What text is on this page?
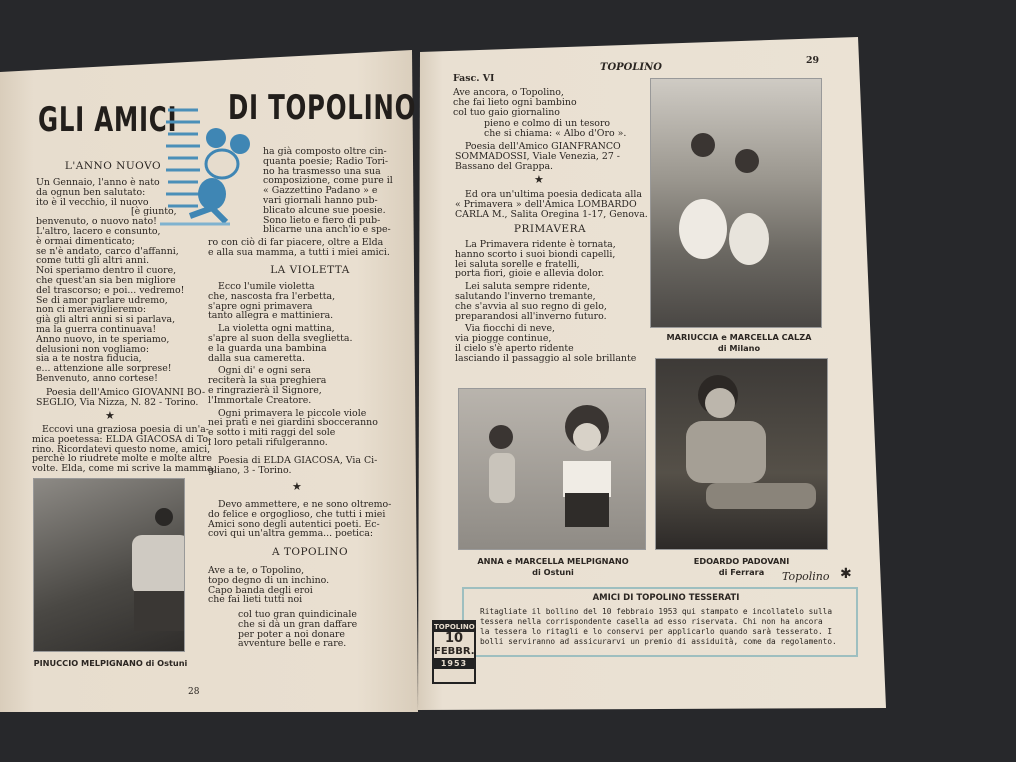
GLI AMICI DI TOPOLINO
L'ANNO NUOVO
Un Gennaio, l'anno è nato
da ognun ben salutato:
ito è il vecchio, il nuovo
[è giunto,
benvenuto, o nuovo nato!
L'altro, lacero e consunto,
è ormai dimenticato;
se n'è andato, carco d'affanni,
come tutti gli altri anni.
Noi speriamo dentro il cuore,
che quest'an sia ben migliore
del trascorso; e poi... vedremo!
Se di amor parlare udremo,
non ci meraviglieremo:
già gli altri anni si si parlava,
ma la guerra continuava!
Anno nuovo, in te speriamo,
delusioni non vogliamo:
sia a te nostra fiducia,
e... attenzione alle sorprese!
Benvenuto, anno cortese!
Poesia dell'Amico GIOVANNI BO-
SEGLIO, Via Nizza, N. 82 - Torino.
★
Eccovi una graziosa poesia di un'a-
mica poetessa: ELDA GIACOSA di To-
rino. Ricordatevi questo nome, amici,
perchè lo riudrete molte e molte altre
volte. Elda, come mi scrive la mamma,
PINUCCIO MELPIGNANO di Ostuni
28
ha già composto oltre cin-
quanta poesie; Radio Tori-
no ha trasmesso una sua
composizione, come pure il
« Gazzettino Padano » e
vari giornali hanno pub-
blicato alcune sue poesie.
Sono lieto e fiero di pub-
blicarne una anch'io e spe-
ro con ciò di far piacere, oltre a Elda
e alla sua mamma, a tutti i miei amici.
LA VIOLETTA
Ecco l'umile violetta
che, nascosta fra l'erbetta,
s'apre ogni primavera
tanto allegra e mattiniera.
La violetta ogni mattina,
s'apre al suon della sveglietta.
e la guarda una bambina
dalla sua cameretta.
Ogni di' e ogni sera
reciterà la sua preghiera
e ringrazierà il Signore,
l'Immortale Creatore.
Ogni primavera le piccole viole
nei prati e nei giardini sbocceranno
e sotto i miti raggi del sole
i loro petali rifulgeranno.
Poesia di ELDA GIACOSA, Via Ci-
gliano, 3 - Torino.
★
Devo ammettere, e ne sono oltremo-
do felice e orgoglioso, che tutti i miei
Amici sono degli autentici poeti. Ec-
covi qui un'altra gemma... poetica:
A TOPOLINO
Ave a te, o Topolino,
topo degno di un inchino.
Capo banda degli eroi
che fai lieti tutti noi
col tuo gran quindicinale
che si dà un gran daffare
per poter a noi donare
avventure belle e rare.
Fasc. VI
TOPOLINO
29
Ave ancora, o Topolino,
che fai lieto ogni bambino
col tuo gaio giornalino
pieno e colmo di un tesoro
che si chiama: « Albo d'Oro ».
Poesia dell'Amico GIANFRANCO
SOMMADOSSI, Viale Venezia, 27 -
Bassano del Grappa.
★
Ed ora un'ultima poesia dedicata alla
« Primavera » dell'Amica LOMBARDO
CARLA M., Salita Oregina 1-17, Genova.
PRIMAVERA
La Primavera ridente è tornata,
hanno scorto i suoi biondi capelli,
lei saluta sorelle e fratelli,
porta fiori, gioie e allevia dolor.
Lei saluta sempre ridente,
salutando l'inverno tremante,
che s'avvia al suo regno di gelo,
preparandosi all'inverno futuro.
Via fiocchi di neve,
via piogge continue,
il cielo s'è aperto ridente
lasciando il passaggio al sole brillante
MARIUCCIA e MARCELLA CALZA
di Milano
ANNA e MARCELLA MELPIGNANO
di Ostuni
EDOARDO PADOVANI
di Ferrara	Topolino ✱
AMICI DI TOPOLINO TESSERATI
Ritagliate il bollino del 10 febbraio 1953 qui stampato e incollatelo sulla
tessera nella corrispondente casella ad esso riservata. Chi non ha ancora
la tessera lo ritagli e lo conservi per applicarlo quando sarà tesserato. I
bolli serviranno ad assicurarvi un premio di assiduità, come da regolamento.
TOPOLINO
10
FEBBR.
1953
